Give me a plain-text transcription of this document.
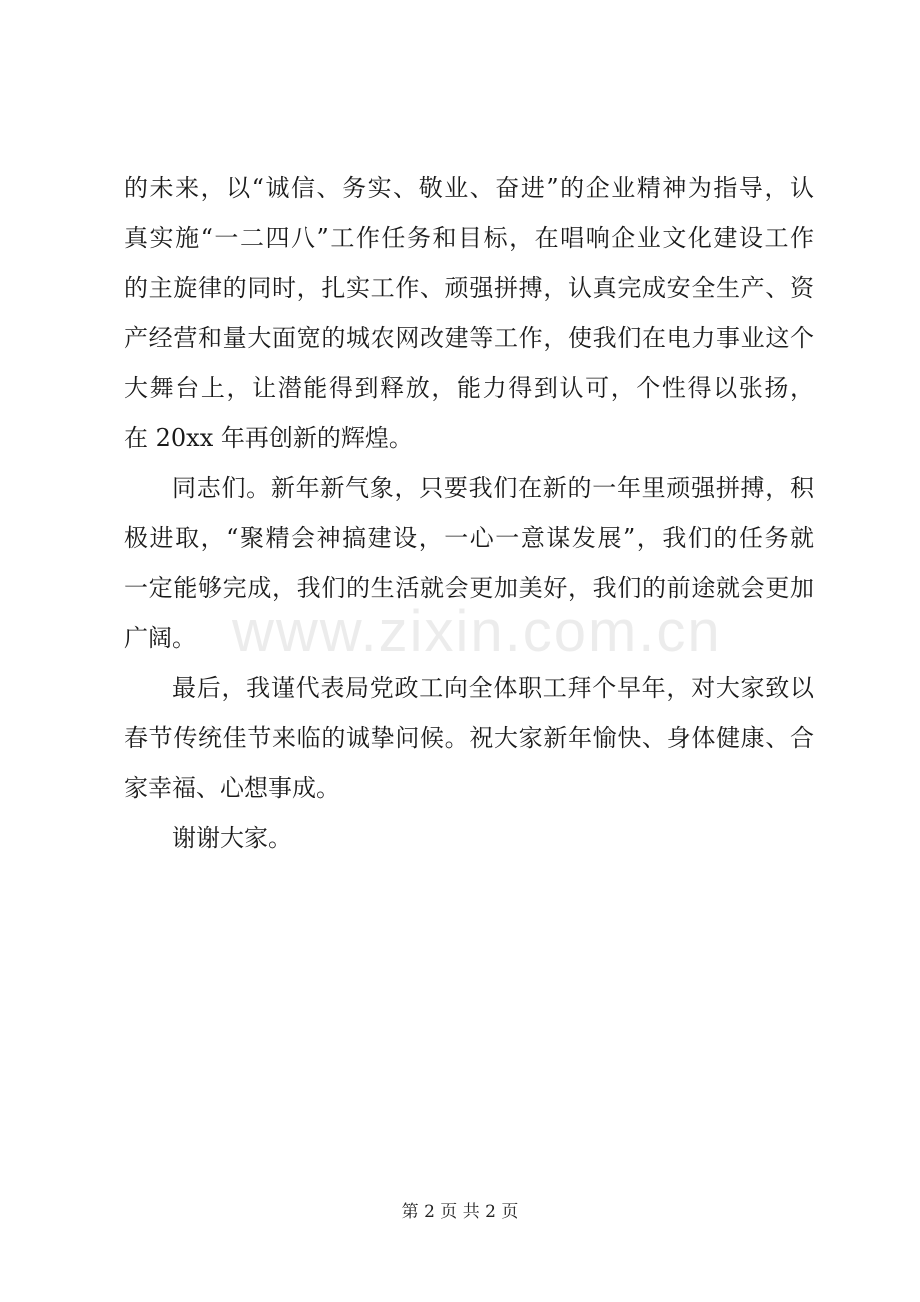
的未来，以“诚信、务实、敬业、奋进”的企业精神为指导，认
真实施“一二四八”工作任务和目标，在唱响企业文化建设工作
的主旋律的同时，扎实工作、顽强拼搏，认真完成安全生产、资
产经营和量大面宽的城农网改建等工作，使我们在电力事业这个
大舞台上，让潜能得到释放，能力得到认可，个性得以张扬，
在 20xx 年再创新的辉煌。
同志们。新年新气象，只要我们在新的一年里顽强拼搏，积
极进取，“聚精会神搞建设，一心一意谋发展”，我们的任务就
一定能够完成，我们的生活就会更加美好，我们的前途就会更加
广阔。
最后，我谨代表局党政工向全体职工拜个早年，对大家致以
春节传统佳节来临的诚挚问候。祝大家新年愉快、身体健康、合
家幸福、心想事成。
谢谢大家。
www.zixin.com.cn
第 2 页 共 2 页
